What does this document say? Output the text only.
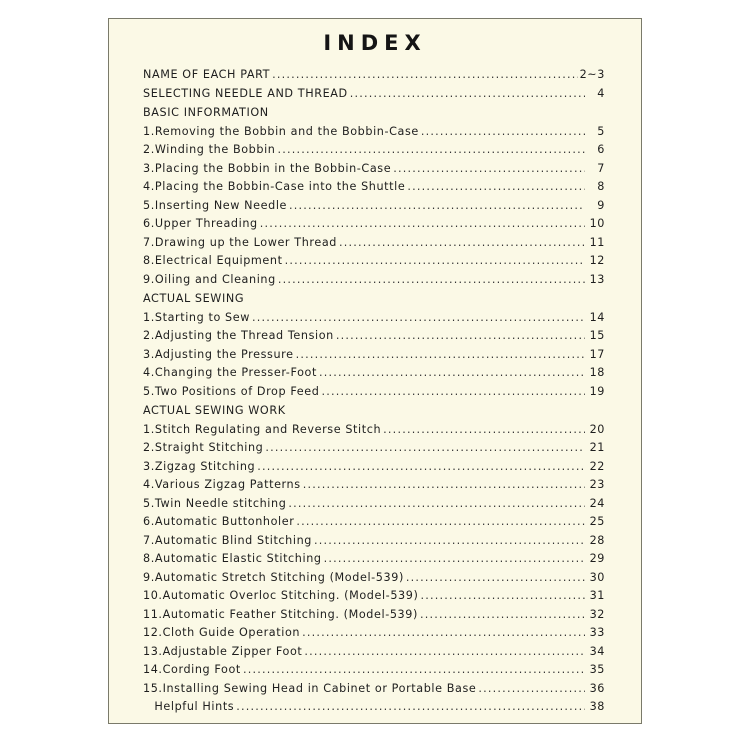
INDEX
NAME OF EACH PART .....	2~3
SELECTING NEEDLE AND THREAD .....	4
BASIC INFORMATION
1. Removing the Bobbin and the Bobbin-Case .....	5
2. Winding the Bobbin .....	6
3. Placing the Bobbin in the Bobbin-Case .....	7
4. Placing the Bobbin-Case into the Shuttle .....	8
5. Inserting New Needle .....	9
6. Upper Threading .....	10
7. Drawing up the Lower Thread .....	11
8. Electrical Equipment .....	12
9. Oiling and Cleaning .....	13
ACTUAL SEWING
1. Starting to Sew .....	14
2. Adjusting the Thread Tension .....	15
3. Adjusting the Pressure .....	17
4. Changing the Presser-Foot .....	18
5. Two Positions of Drop Feed .....	19
ACTUAL SEWING WORK
1. Stitch Regulating and Reverse Stitch .....	20
2. Straight Stitching .....	21
3. Zigzag Stitching .....	22
4. Various Zigzag Patterns .....	23
5. Twin Needle stitching .....	24
6. Automatic Buttonholer .....	25
7. Automatic Blind Stitching .....	28
8. Automatic Elastic Stitching .....	29
9. Automatic Stretch Stitching (Model-539) .....	30
10. Automatic Overloc Stitching. (Model-539) .....	31
11. Automatic Feather Stitching. (Model-539) .....	32
12. Cloth Guide Operation .....	33
13. Adjustable Zipper Foot .....	34
14. Cording Foot .....	35
15. Installing Sewing Head in Cabinet or Portable Base .....	36
Helpful Hints .....	38
